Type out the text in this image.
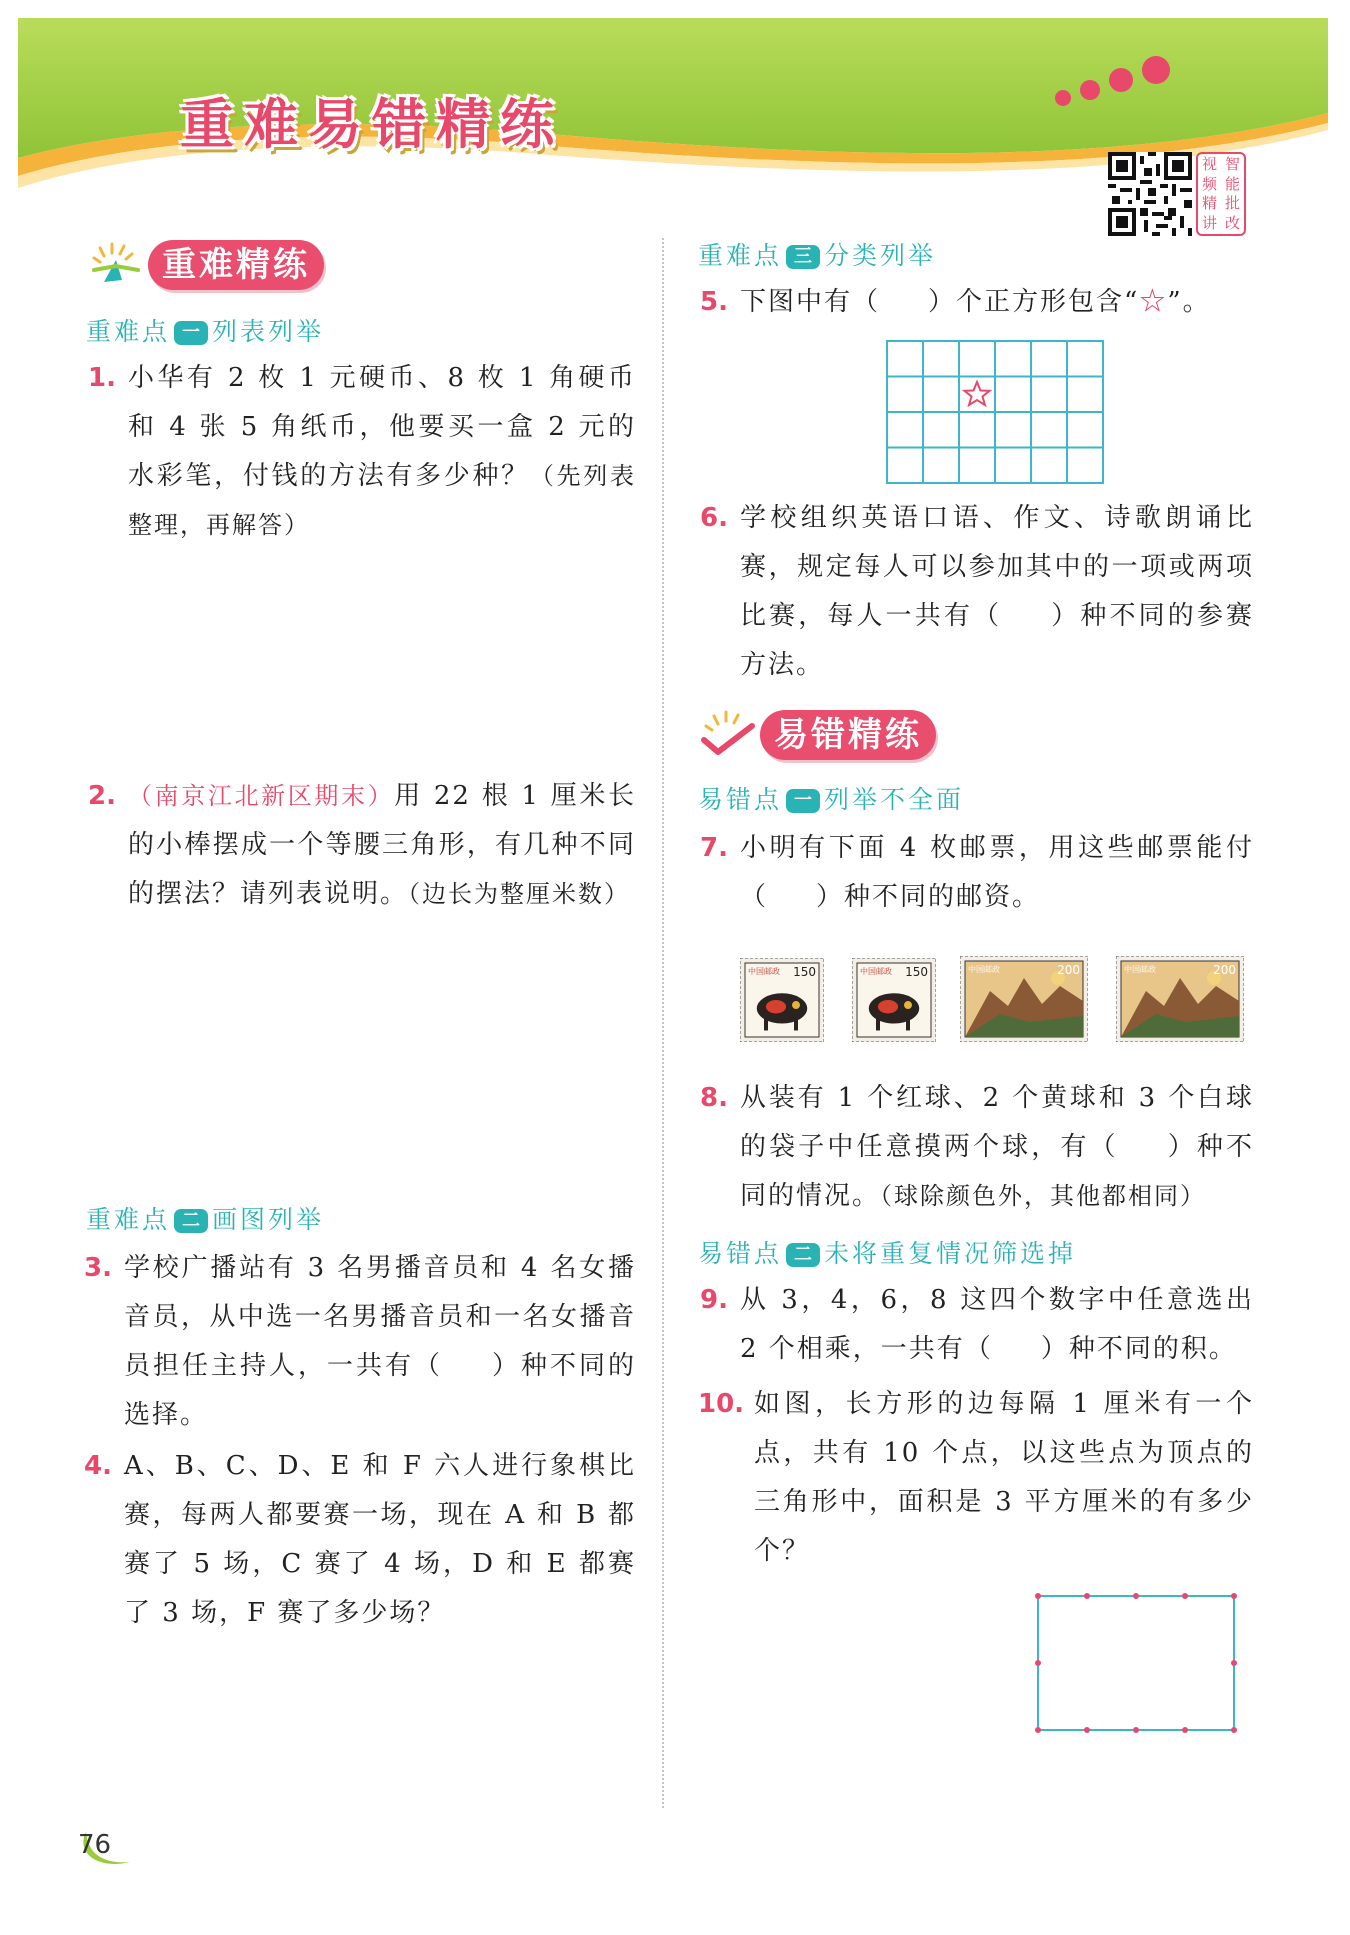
重难易错精练
视 智
频 能
精 批
讲 改
重难精练
重难点 一 列表列举
1. 小华有 2 枚 1 元硬币、8 枚 1 角硬币和 4 张 5 角纸币，他要买一盒 2 元的水彩笔，付钱的方法有多少种？（先列表整理，再解答）
2. （南京江北新区期末）用 22 根 1 厘米长的小棒摆成一个等腰三角形，有几种不同的摆法？请列表说明。（边长为整厘米数）
重难点 二 画图列举
3. 学校广播站有 3 名男播音员和 4 名女播音员，从中选一名男播音员和一名女播音员担任主持人，一共有（ ）种不同的选择。
4. A、B、C、D、E 和 F 六人进行象棋比赛，每两人都要赛一场，现在 A 和 B 都赛了 5 场，C 赛了 4 场，D 和 E 都赛了 3 场，F 赛了多少场？
重难点 三 分类列举
5. 下图中有（ ）个正方形包含“☆”。
6. 学校组织英语口语、作文、诗歌朗诵比赛，规定每人可以参加其中的一项或两项比赛，每人一共有（ ）种不同的参赛方法。
易错精练
易错点 一 列举不全面
7. 小明有下面 4 枚邮票，用这些邮票能付（ ）种不同的邮资。
150
中国邮政	150
中国邮政	200
中国邮政	200
中国邮政
8. 从装有 1 个红球、2 个黄球和 3 个白球的袋子中任意摸两个球，有（ ）种不同的情况。（球除颜色外，其他都相同）
易错点 二 未将重复情况筛选掉
9. 从 3，4，6，8 这四个数字中任意选出 2 个相乘，一共有（ ）种不同的积。
10. 如图，长方形的边每隔 1 厘米有一个点，共有 10 个点，以这些点为顶点的三角形中，面积是 3 平方厘米的有多少个？
76
